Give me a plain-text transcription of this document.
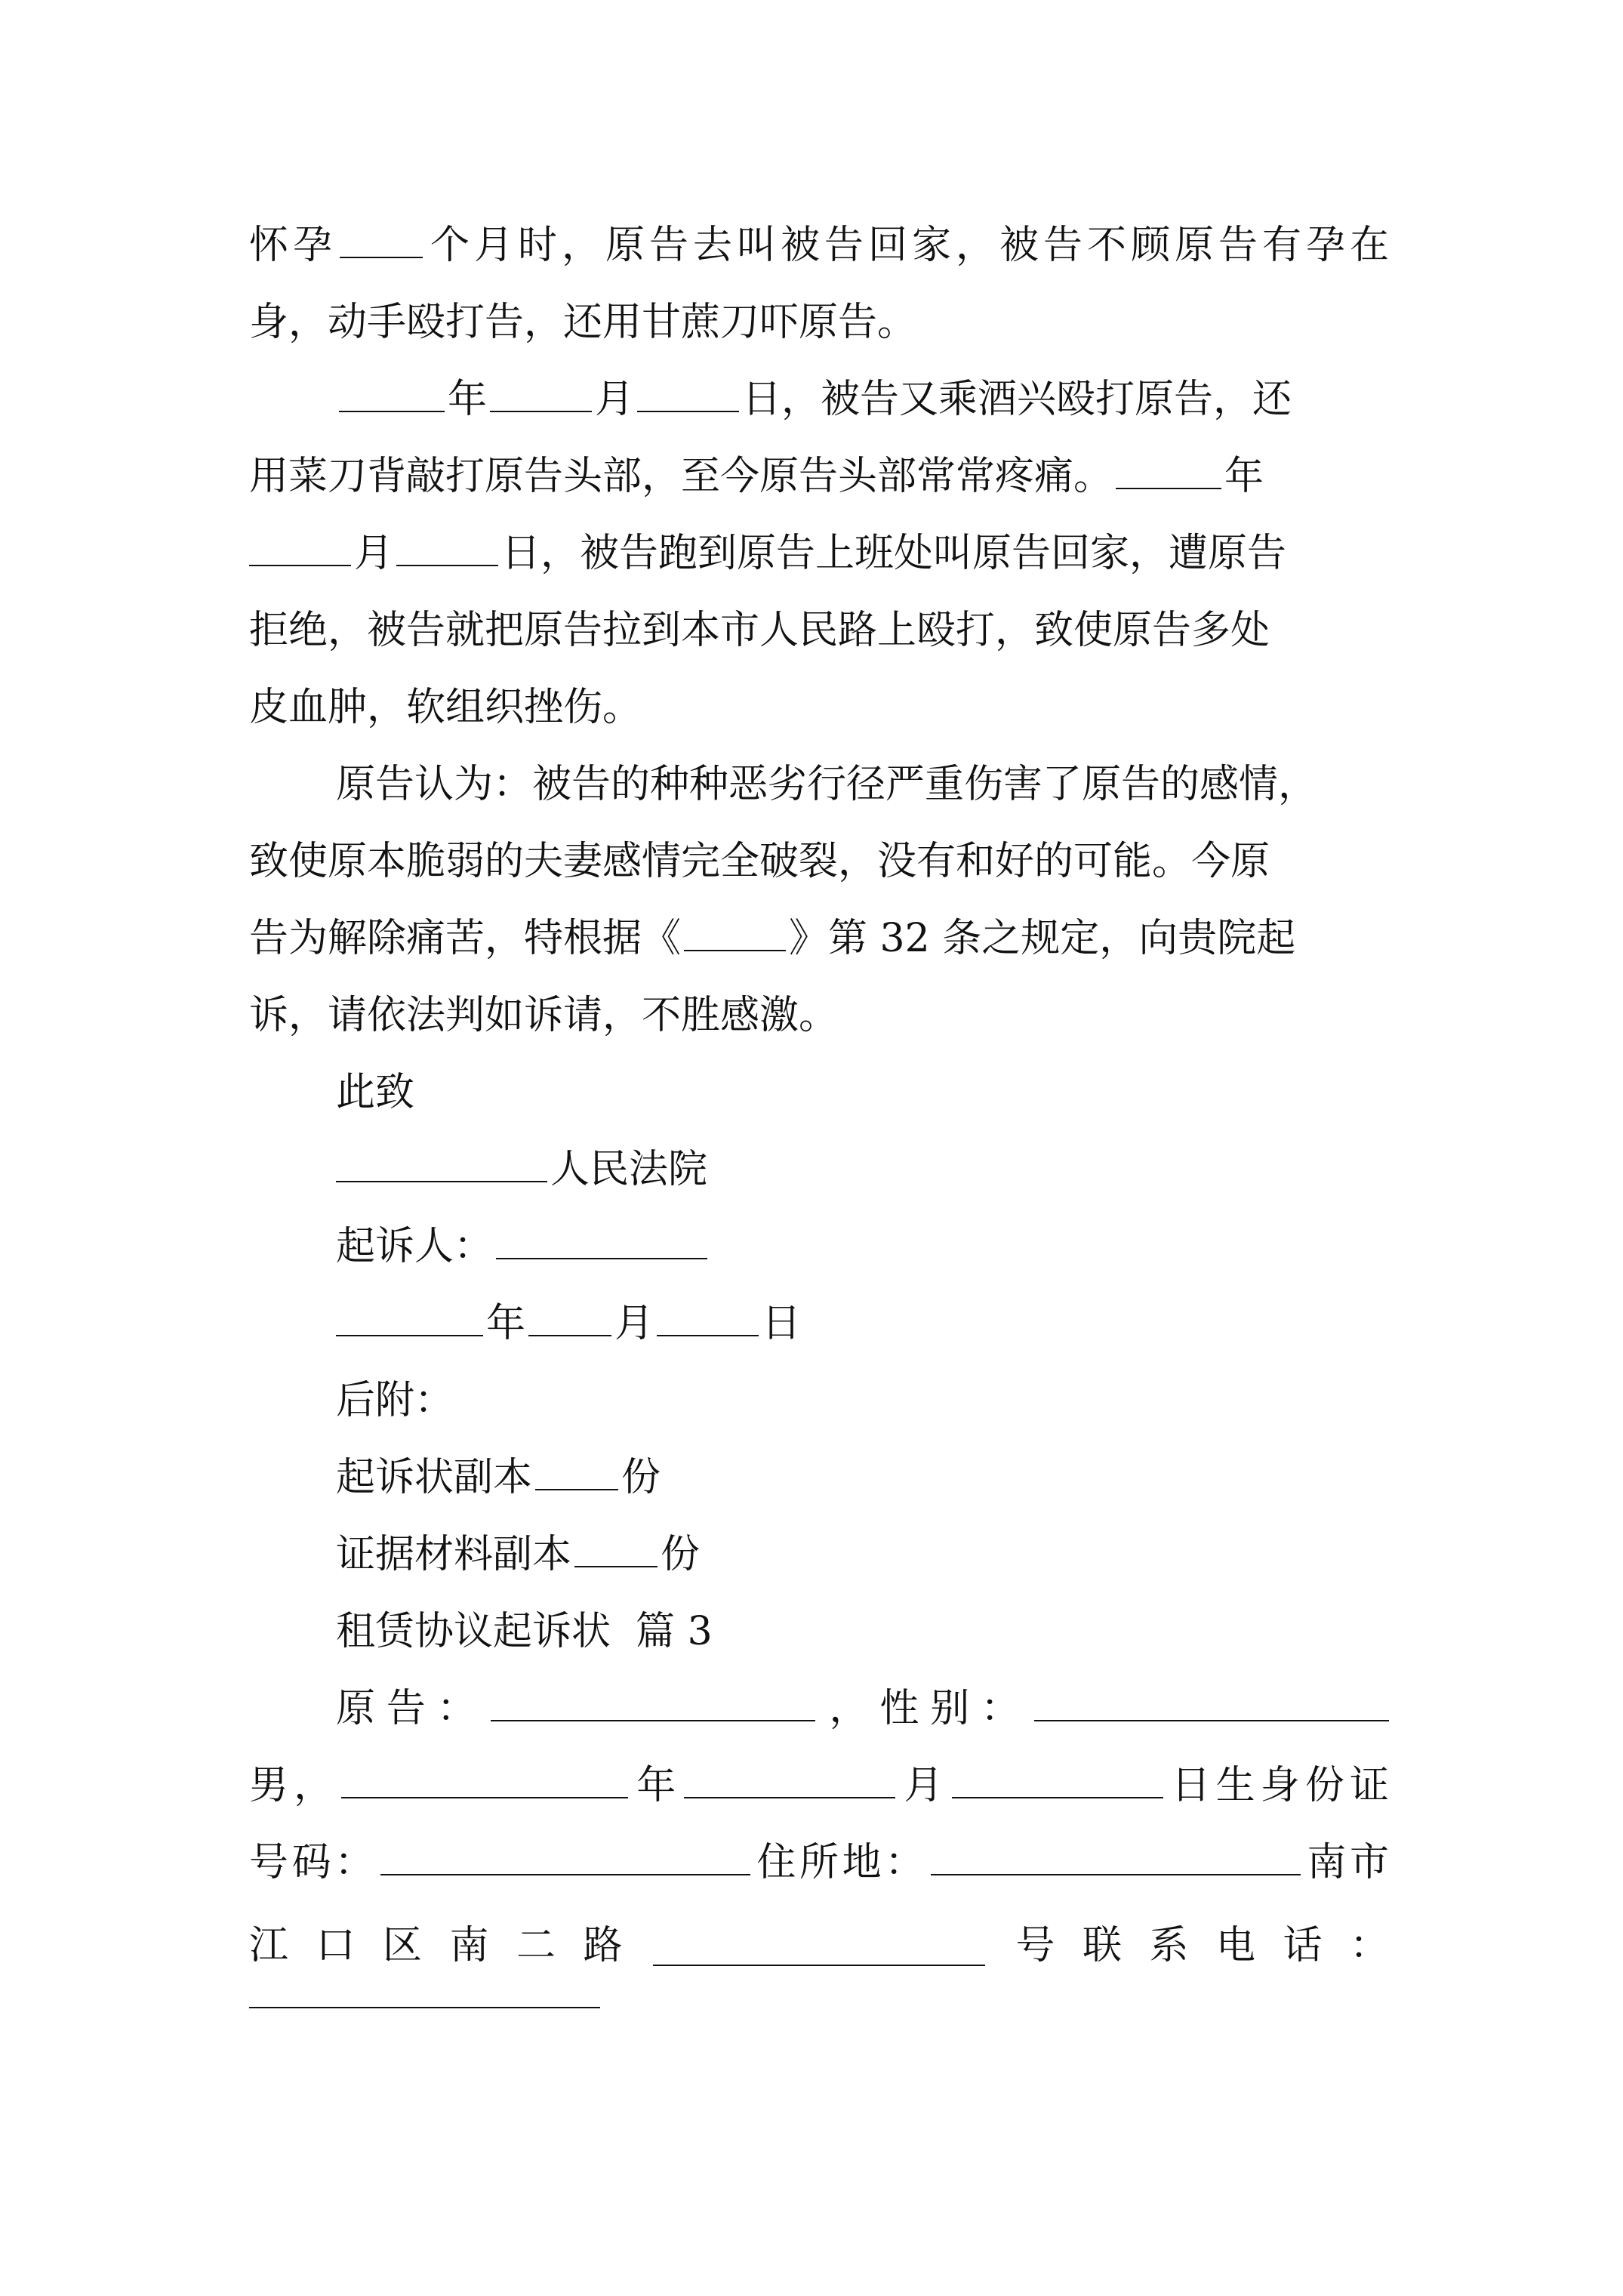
怀孕 个月时，原告去叫被告回家，被告不顾原告有孕在
身，动手殴打告，还用甘蔗刀吓原告。
年	月	日，被告又乘酒兴殴打原告，还
用菜刀背敲打原告头部，至今原告头部常常疼痛。	年
月	日，被告跑到原告上班处叫原告回家，遭原告
拒绝，被告就把原告拉到本市人民路上殴打，致使原告多处
皮血肿，软组织挫伤。
原告认为：被告的种种恶劣行径严重伤害了原告的感情，
致使原本脆弱的夫妻感情完全破裂，没有和好的可能。今原
告为解除痛苦，特根据《	》第 32 条之规定，向贵院起
诉，请依法判如诉请，不胜感激。
此致
人民法院
起诉人：
年 月	日
后附：
起诉状副本 份
证据材料副本 份
租赁协议起诉状  篇 3
原告：	，性别：
男，	年	月	日生身份证
号码：	住所地：	南市
江 口 区 南 二 路	号 联 系 电 话 ：
